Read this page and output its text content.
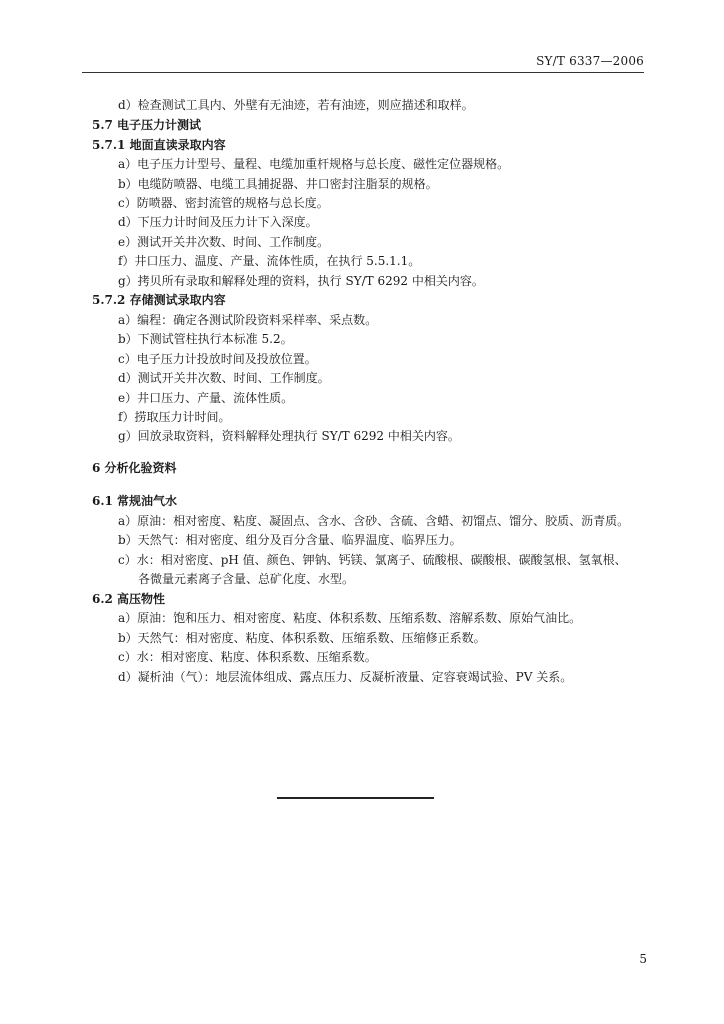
SY/T 6337—2006
d）检查测试工具内、外壁有无油迹，若有油迹，则应描述和取样。
5.7 电子压力计测试
5.7.1 地面直读录取内容
a）电子压力计型号、量程、电缆加重杆规格与总长度、磁性定位器规格。
b）电缆防喷器、电缆工具捕捉器、井口密封注脂泵的规格。
c）防喷器、密封流管的规格与总长度。
d）下压力计时间及压力计下入深度。
e）测试开关井次数、时间、工作制度。
f）井口压力、温度、产量、流体性质，在执行 5.5.1.1。
g）拷贝所有录取和解释处理的资料，执行 SY/T 6292 中相关内容。
5.7.2 存储测试录取内容
a）编程：确定各测试阶段资料采样率、采点数。
b）下测试管柱执行本标准 5.2。
c）电子压力计投放时间及投放位置。
d）测试开关井次数、时间、工作制度。
e）井口压力、产量、流体性质。
f）捞取压力计时间。
g）回放录取资料，资料解释处理执行 SY/T 6292 中相关内容。
6 分析化验资料
6.1 常规油气水
a）原油：相对密度、粘度、凝固点、含水、含砂、含硫、含蜡、初馏点、馏分、胶质、沥青质。
b）天然气：相对密度、组分及百分含量、临界温度、临界压力。
c）水：相对密度、pH 值、颜色、钾钠、钙镁、氯离子、硫酸根、碳酸根、碳酸氢根、氢氧根、
各微量元素离子含量、总矿化度、水型。
6.2 高压物性
a）原油：饱和压力、相对密度、粘度、体积系数、压缩系数、溶解系数、原始气油比。
b）天然气：相对密度、粘度、体积系数、压缩系数、压缩修正系数。
c）水：相对密度、粘度、体积系数、压缩系数。
d）凝析油（气）：地层流体组成、露点压力、反凝析液量、定容衰竭试验、PV 关系。
5
